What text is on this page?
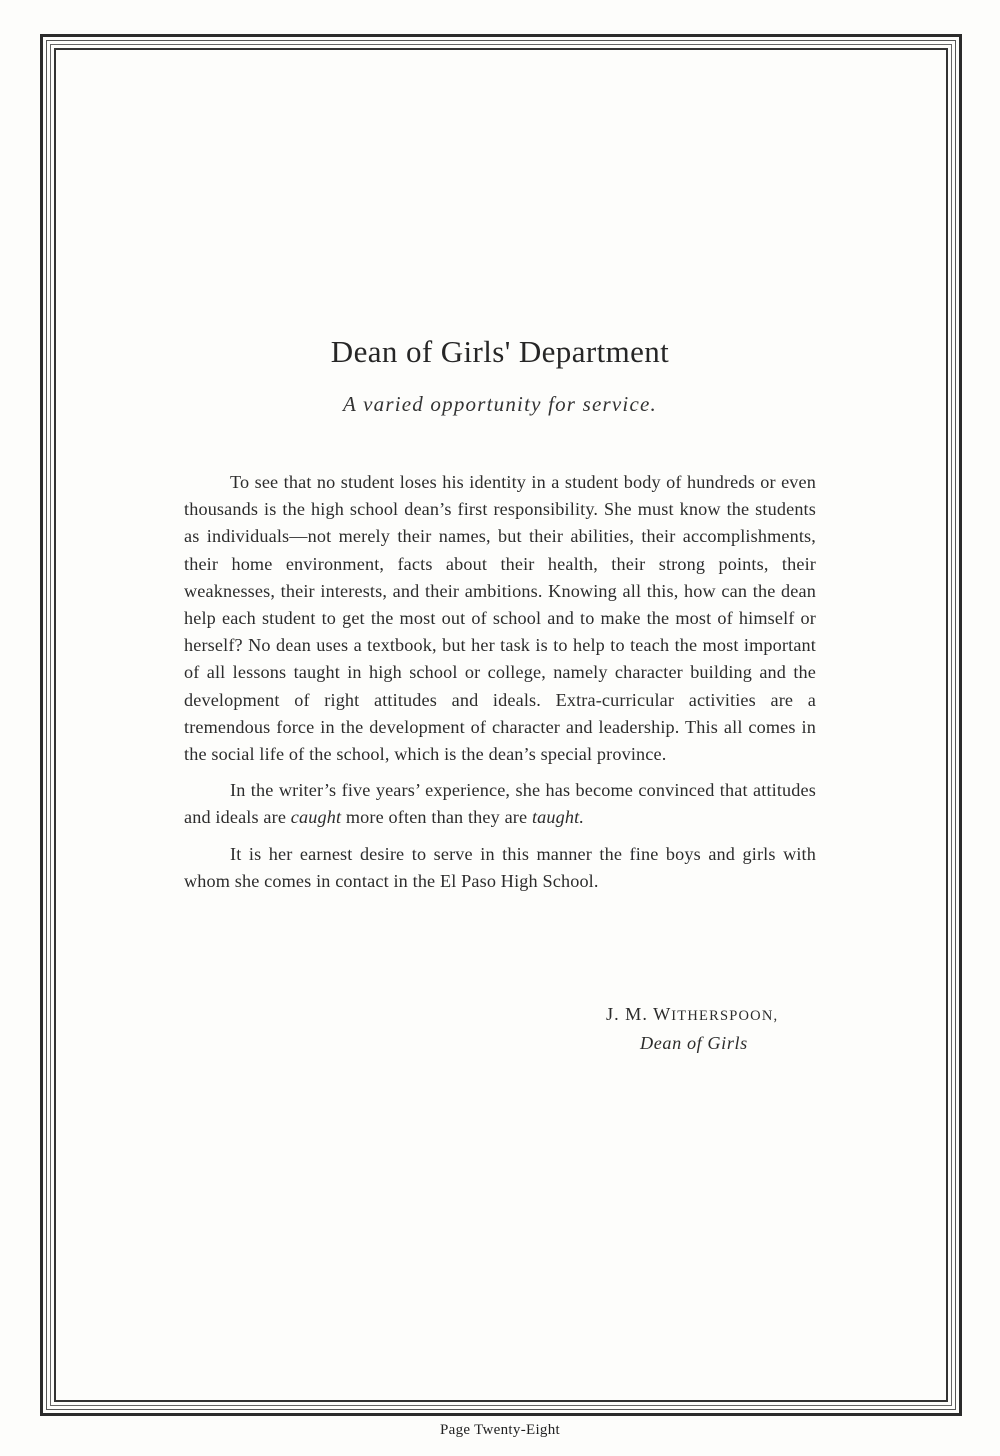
Dean of Girls' Department
A varied opportunity for service.

To see that no student loses his identity in a student body of hundreds or even thousands is the high school dean’s first responsibility. She must know the students as individuals—not merely their names, but their abilities, their accomplishments, their home environment, facts about their health, their strong points, their weaknesses, their interests, and their ambitions. Knowing all this, how can the dean help each student to get the most out of school and to make the most of himself or herself? No dean uses a textbook, but her task is to help to teach the most important of all lessons taught in high school or college, namely character building and the development of right attitudes and ideals. Extra-curricular activities are a tremendous force in the development of character and leadership. This all comes in the social life of the school, which is the dean’s special province.

In the writer’s five years’ experience, she has become convinced that attitudes and ideals are caught more often than they are taught.

It is her earnest desire to serve in this manner the fine boys and girls with whom she comes in contact in the El Paso High School.

J. M. WITHERSPOON,
Dean of Girls
Page Twenty-Eight
